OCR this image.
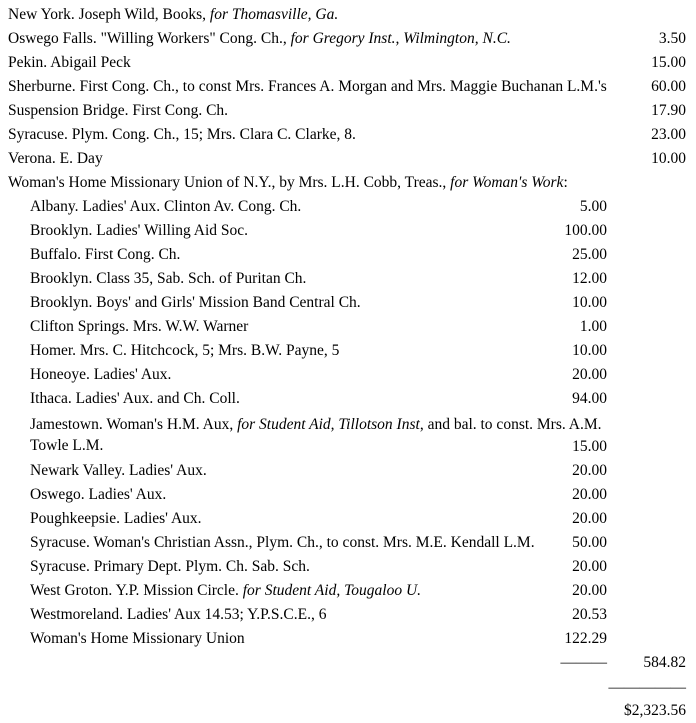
New York. Joseph Wild, Books, for Thomasville, Ga.
Oswego Falls. "Willing Workers" Cong. Ch., for Gregory Inst., Wilmington, N.C.	3.50
Pekin. Abigail Peck	15.00
Sherburne. First Cong. Ch., to const Mrs. Frances A. Morgan and Mrs. Maggie Buchanan L.M.'s	60.00
Suspension Bridge. First Cong. Ch.	17.90
Syracuse. Plym. Cong. Ch., 15; Mrs. Clara C. Clarke, 8.	23.00
Verona. E. Day	10.00
Woman's Home Missionary Union of N.Y., by Mrs. L.H. Cobb, Treas., for Woman's Work:
Albany. Ladies' Aux. Clinton Av. Cong. Ch.	5.00
Brooklyn. Ladies' Willing Aid Soc.	100.00
Buffalo. First Cong. Ch.	25.00
Brooklyn. Class 35, Sab. Sch. of Puritan Ch.	12.00
Brooklyn. Boys' and Girls' Mission Band Central Ch.	10.00
Clifton Springs. Mrs. W.W. Warner	1.00
Homer. Mrs. C. Hitchcock, 5; Mrs. B.W. Payne, 5	10.00
Honeoye. Ladies' Aux.	20.00
Ithaca. Ladies' Aux. and Ch. Coll.	94.00
Jamestown. Woman's H.M. Aux, for Student Aid, Tillotson Inst, and bal. to const. Mrs. A.M. Towle L.M.	15.00
Newark Valley. Ladies' Aux.	20.00
Oswego. Ladies' Aux.	20.00
Poughkeepsie. Ladies' Aux.	20.00
Syracuse. Woman's Christian Assn., Plym. Ch., to const. Mrs. M.E. Kendall L.M.	50.00
Syracuse. Primary Dept. Plym. Ch. Sab. Sch.	20.00
West Groton. Y.P. Mission Circle. for Student Aid, Tougaloo U.	20.00
Westmoreland. Ladies' Aux 14.53; Y.P.S.C.E., 6	20.53
Woman's Home Missionary Union	122.29
——— 584.82
—————
$2,323.56
